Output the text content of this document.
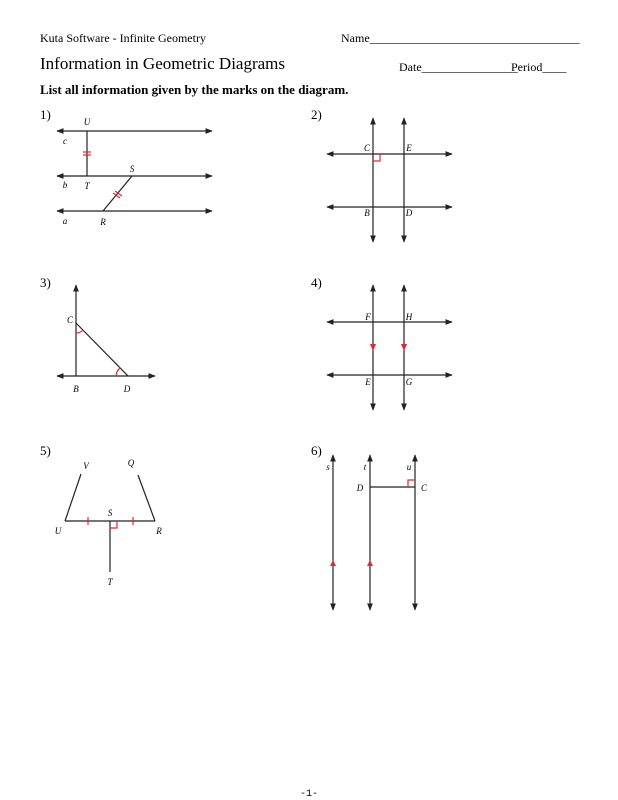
Kuta Software - Infinite Geometry	Name___________________________________
Information in Geometric Diagrams	Date________________
Period____
List all information given by the marks on the diagram.
1)	2)
3)	4)
5)	6)
U
c
b T
S
a	R
C	E
B	D
C
B	D
F	H
E	G
V	Q
S
U	R
T
s	t	u
D	C
-1-
